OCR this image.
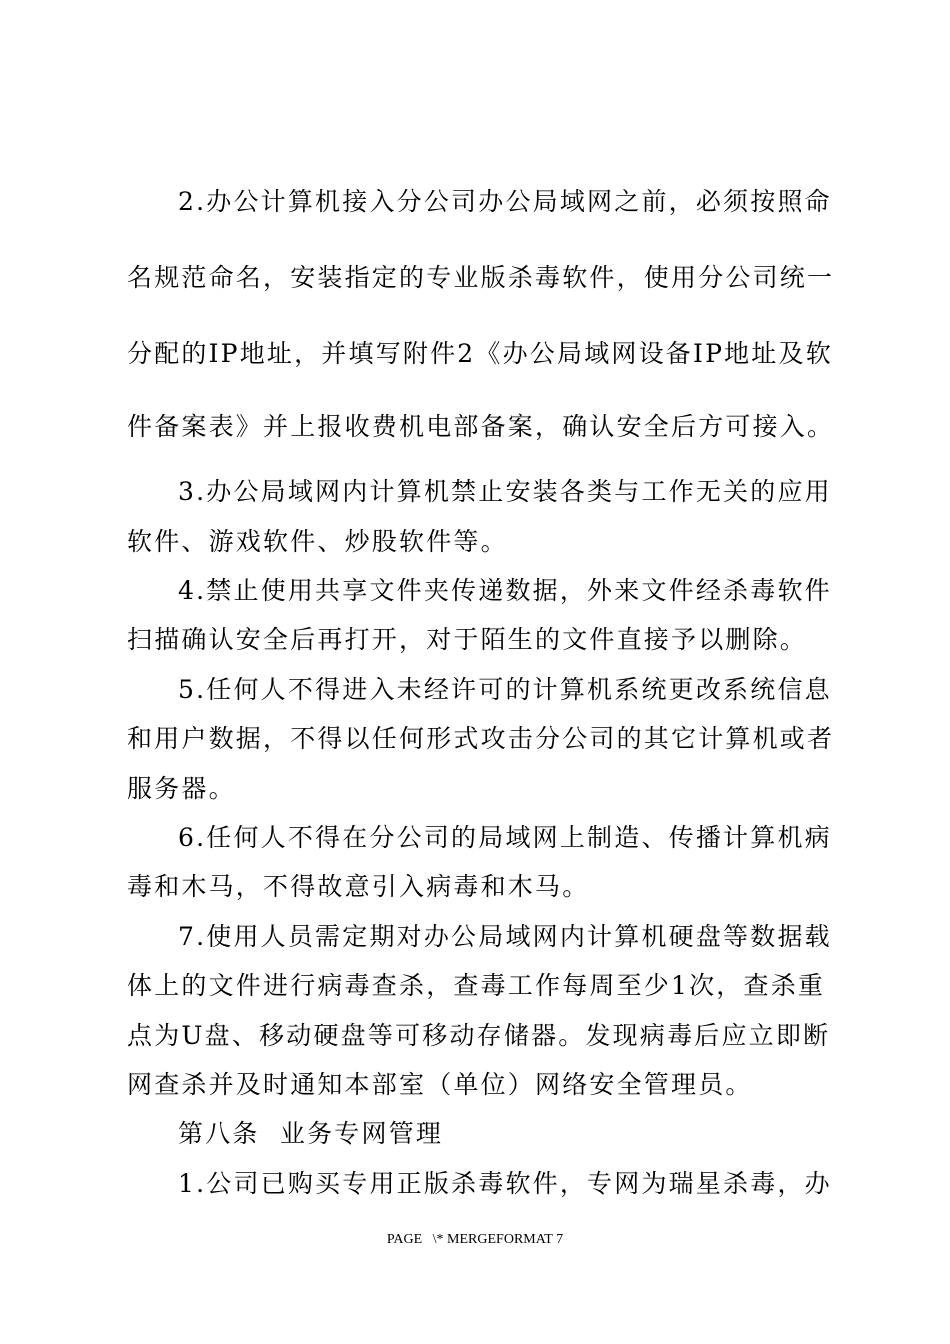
2.办公计算机接入分公司办公局域网之前，必须按照命
名规范命名，安装指定的专业版杀毒软件，使用分公司统一
分配的IP地址，并填写附件2《办公局域网设备IP地址及软
件备案表》并上报收费机电部备案，确认安全后方可接入。
3.办公局域网内计算机禁止安装各类与工作无关的应用
软件、游戏软件、炒股软件等。
4.禁止使用共享文件夹传递数据，外来文件经杀毒软件
扫描确认安全后再打开，对于陌生的文件直接予以删除。
5.任何人不得进入未经许可的计算机系统更改系统信息
和用户数据，不得以任何形式攻击分公司的其它计算机或者
服务器。
6.任何人不得在分公司的局域网上制造、传播计算机病
毒和木马，不得故意引入病毒和木马。
7.使用人员需定期对办公局域网内计算机硬盘等数据载
体上的文件进行病毒查杀，查毒工作每周至少1次，查杀重
点为U盘、移动硬盘等可移动存储器。发现病毒后应立即断
网查杀并及时通知本部室（单位）网络安全管理员。
第八条  业务专网管理
1.公司已购买专用正版杀毒软件，专网为瑞星杀毒，办
PAGE   \* MERGEFORMAT 7
